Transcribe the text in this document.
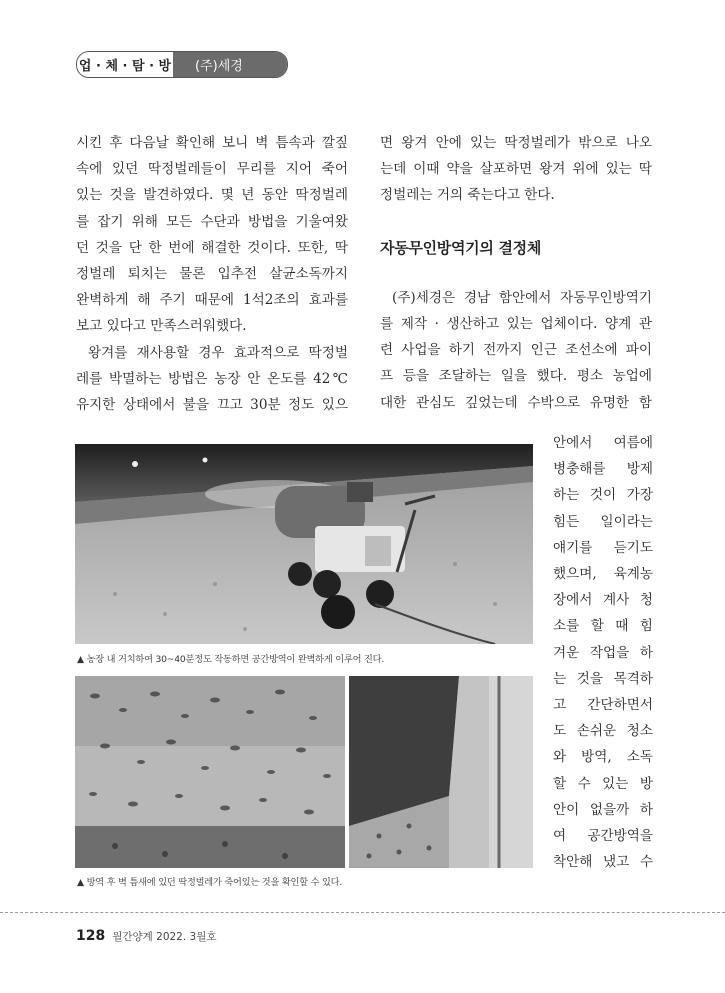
업 · 체 · 탐 · 방	(주)세경

시킨 후 다음날 확인해 보니 벽 틈속과 깔짚

속에 있던 딱정벌레들이 무리를 지어 죽어

있는 것을 발견하였다. 몇 년 동안 딱정벌레

를 잡기 위해 모든 수단과 방법을 기울여왔

던 것을 단 한 번에 해결한 것이다. 또한, 딱

정벌레 퇴치는 물론 입추전 살균소독까지

완벽하게 해 주기 때문에 1석2조의 효과를

보고 있다고 만족스러워했다.

왕겨를 재사용할 경우 효과적으로 딱정벌

레를 박멸하는 방법은 농장 안 온도를 42℃

유지한 상태에서 불을 끄고 30분 정도 있으

면 왕겨 안에 있는 딱정벌레가 밖으로 나오

는데 이때 약을 살포하면 왕겨 위에 있는 딱

정벌레는 거의 죽는다고 한다.

자동무인방역기의 결정체

(주)세경은 경남 함안에서 자동무인방역기

를 제작 · 생산하고 있는 업체이다. 양계 관

련 사업을 하기 전까지 인근 조선소에 파이

프 등을 조달하는 일을 했다. 평소 농업에

대한 관심도 깊었는데 수박으로 유명한 함

안에서 여름에

병충해를 방제

하는 것이 가장

힘든 일이라는

얘기를 듣기도

했으며, 육계농

장에서 계사 청

소를 할 때 힘

겨운 작업을 하

는 것을 목격하

고 간단하면서

도 손쉬운 청소

와 방역, 소독

할 수 있는 방

안이 없을까 하

여 공간방역을

착안해 냈고 수

▲ 농장 내 거치하여 30~40분정도 작동하면 공간방역이 완벽하게 이루어 진다.
▲ 방역 후 벽 틈새에 있던 딱정벌레가 죽어있는 것을 확인할 수 있다.
128 월간양계 2022. 3월호
